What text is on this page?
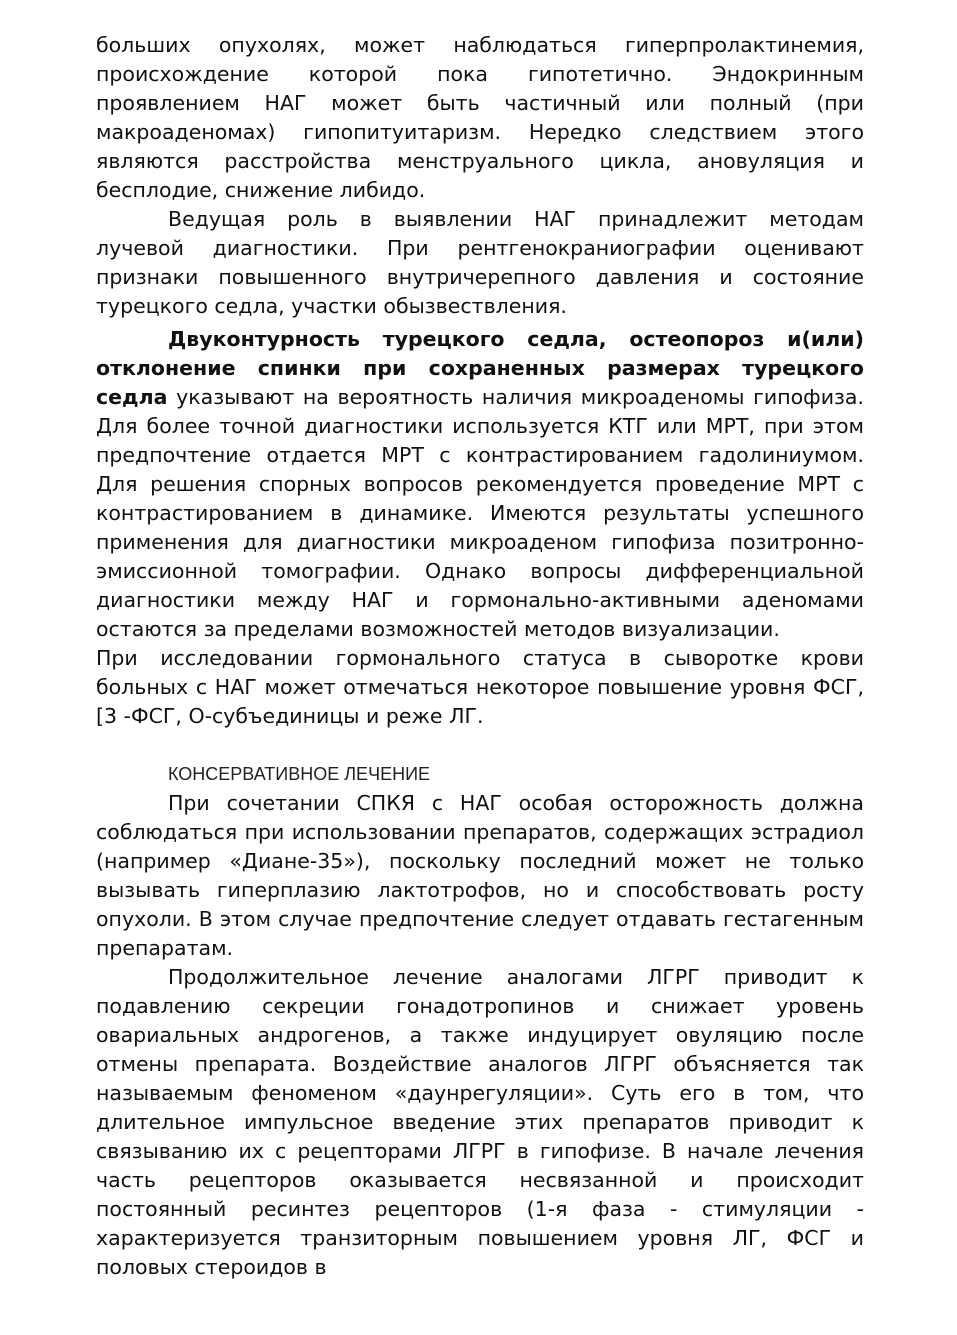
больших опухолях, может наблюдаться гиперпролактинемия, происхождение которой пока гипотетично. Эндокринным проявлением НАГ может быть частичный или полный (при макроаденомах) гипопитуитаризм. Нередко следствием этого являются расстройства менструального цикла, ановуляция и бесплодие, снижение либидо.

Ведущая роль в выявлении НАГ принадлежит методам лучевой диагностики. При рентгенокраниографии оценивают признаки повышенного внутричерепного давления и состояние турецкого седла, участки обызвествления.

Двуконтурность турецкого седла, остеопороз и(или) отклонение спинки при сохраненных размерах турецкого седла указывают на вероятность наличия микроаденомы гипофиза. Для более точной диагностики используется КТГ или МРТ, при этом предпочтение отдается МРТ с контрастированием гадолиниумом. Для решения спорных вопросов рекомендуется проведение МРТ с контрастированием в динамике. Имеются результаты успешного применения для диагностики микроаденом гипофиза позитронно-эмиссионной томографии. Однако вопросы дифференциальной диагностики между НАГ и гормонально-активными аденомами остаются за пределами возможностей методов визуализации.

При исследовании гормонального статуса в сыворотке крови больных с НАГ может отмечаться некоторое повышение уровня ФСГ,[3 -ФСГ, О-субъединицы и реже ЛГ.

КОНСЕРВАТИВНОЕ ЛЕЧЕНИЕ

При сочетании СПКЯ с НАГ особая осторожность должна соблюдаться при использовании препаратов, содержащих эстрадиол (например «Диане-35»), поскольку последний может не только вызывать гиперплазию лактотрофов, но и способствовать росту опухоли. В этом случае предпочтение следует отдавать гестагенным препаратам.

Продолжительное лечение аналогами ЛГРГ приводит к подавлению секреции гонадотропинов и снижает уровень овариальных андрогенов, а также индуцирует овуляцию после отмены препарата. Воздействие аналогов ЛГРГ объясняется так называемым феноменом «даунрегуляции». Суть его в том, что длительное импульсное введение этих препаратов приводит к связыванию их с рецепторами ЛГРГ в гипофизе. В начале лечения часть рецепторов оказывается несвязанной и происходит постоянный ресинтез рецепторов (1-я фаза - стимуляции - характеризуется транзиторным повышением уровня ЛГ, ФСГ и половых стероидов в
